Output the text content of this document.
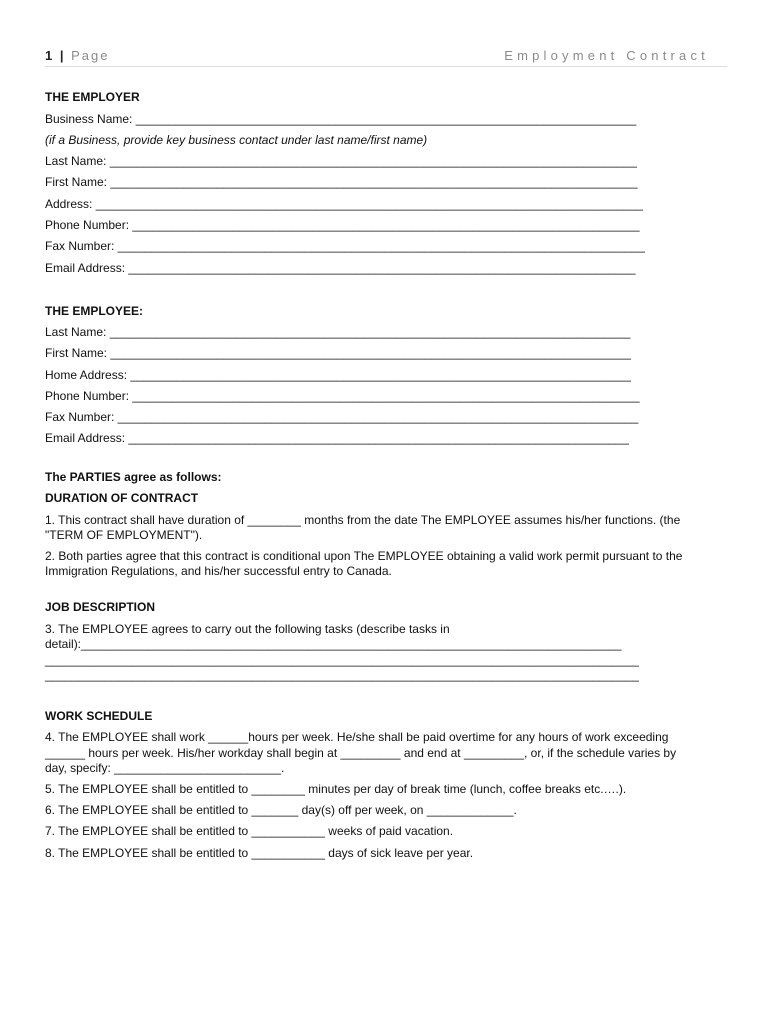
1 | Page	Employment Contract
THE EMPLOYER
Business Name: ___________________________________________________________________________
(if a Business, provide key business contact under last name/first name)
Last Name: _______________________________________________________________________________
First Name: _______________________________________________________________________________
Address: __________________________________________________________________________________
Phone Number: ____________________________________________________________________________
Fax Number: _______________________________________________________________________________
Email Address: ____________________________________________________________________________
THE EMPLOYEE:
Last Name: ______________________________________________________________________________
First Name: ______________________________________________________________________________
Home Address: ___________________________________________________________________________
Phone Number: ____________________________________________________________________________
Fax Number: ______________________________________________________________________________
Email Address: ___________________________________________________________________________
The PARTIES agree as follows:
DURATION OF CONTRACT
1. This contract shall have duration of ________ months from the date The EMPLOYEE assumes his/her functions. (the
"TERM OF EMPLOYMENT").
2. Both parties agree that this contract is conditional upon The EMPLOYEE obtaining a valid work permit pursuant to the
Immigration Regulations, and his/her successful entry to Canada.
JOB DESCRIPTION
3. The EMPLOYEE agrees to carry out the following tasks (describe tasks in
detail):_________________________________________________________________________________
_________________________________________________________________________________________
_________________________________________________________________________________________
WORK SCHEDULE
4. The EMPLOYEE shall work ______hours per week. He/she shall be paid overtime for any hours of work exceeding
______ hours per week. His/her workday shall begin at _________ and end at _________, or, if the schedule varies by
day, specify: _________________________.
5. The EMPLOYEE shall be entitled to ________ minutes per day of break time (lunch, coffee breaks etc.….).
6. The EMPLOYEE shall be entitled to _______ day(s) off per week, on _____________.
7. The EMPLOYEE shall be entitled to ___________ weeks of paid vacation.
8. The EMPLOYEE shall be entitled to ___________ days of sick leave per year.
